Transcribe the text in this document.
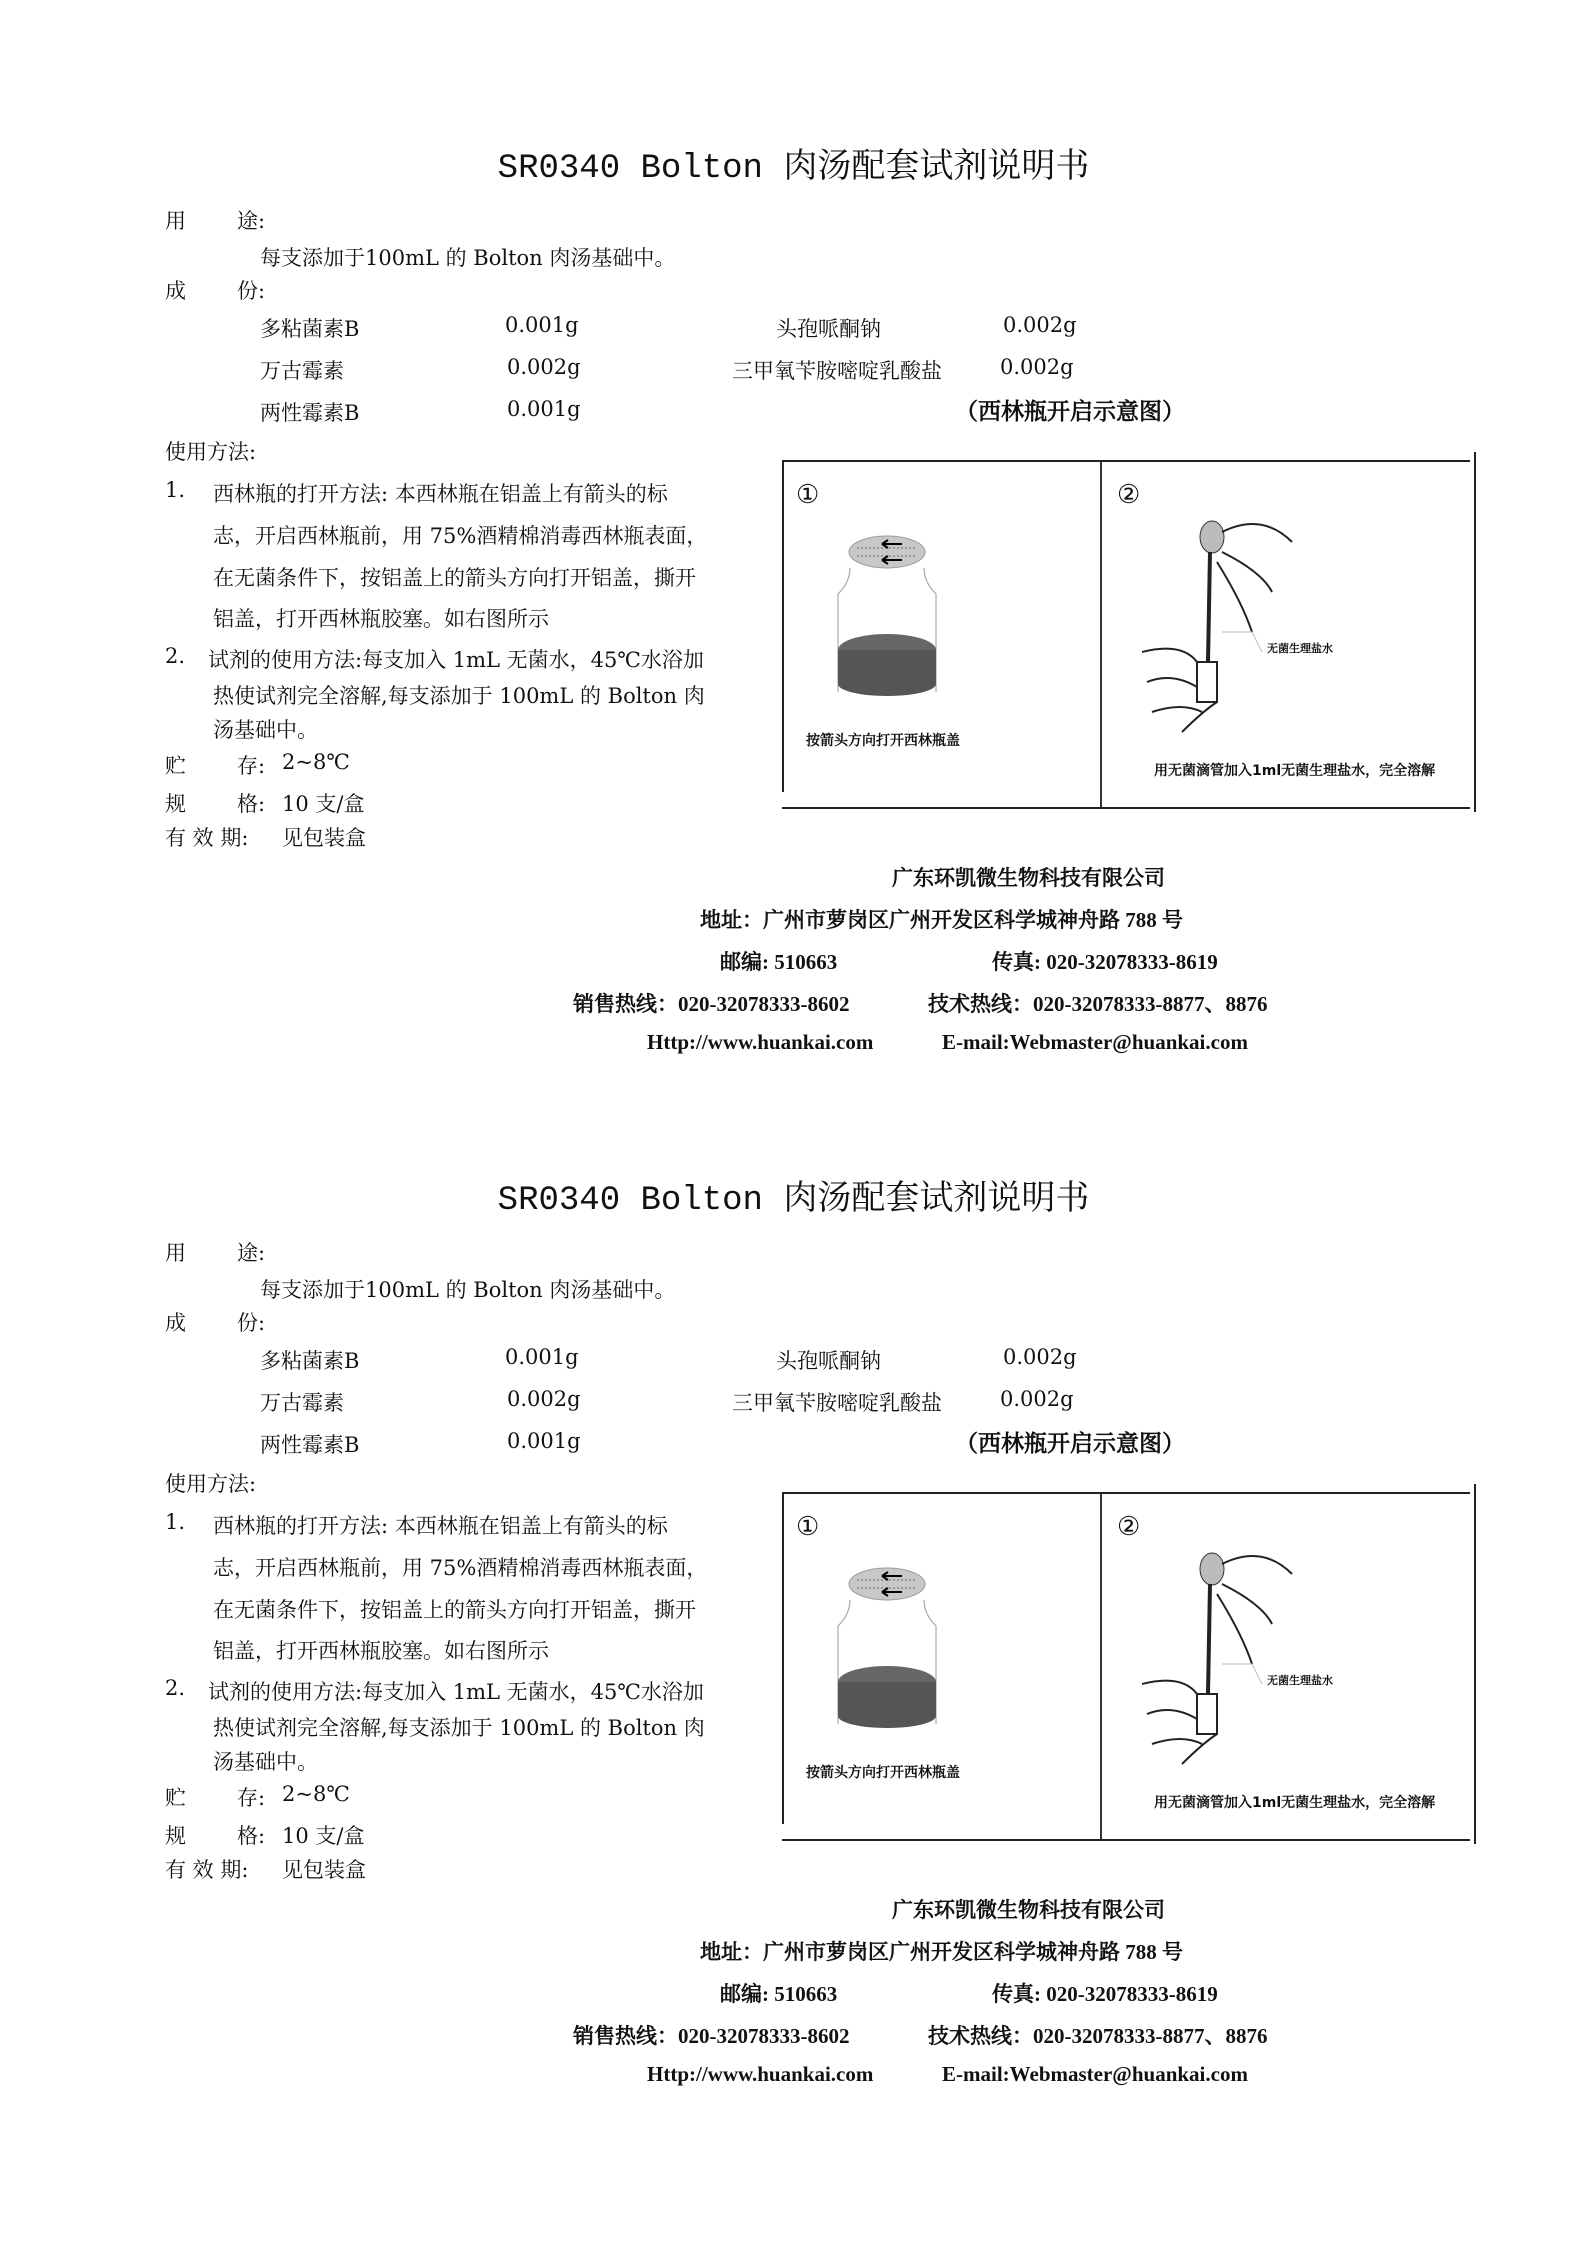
SR0340 Bolton 肉汤配套试剂说明书
用 途:
每支添加于100mL 的 Bolton 肉汤基础中。
成 份:
多粘菌素B	0.001g
万古霉素	0.002g
两性霉素B	0.001g
头孢哌酮钠	0.002g
三甲氧苄胺嘧啶乳酸盐	0.002g
（西林瓶开启示意图）
使用方法:
1. 西林瓶的打开方法: 本西林瓶在铝盖上有箭头的标
志，开启西林瓶前，用 75%酒精棉消毒西林瓶表面，
在无菌条件下，按铝盖上的箭头方向打开铝盖，撕开
铝盖，打开西林瓶胶塞。如右图所示
2. 试剂的使用方法:每支加入 1mL 无菌水，45℃水浴加
热使试剂完全溶解,每支添加于 100mL 的 Bolton 肉
汤基础中。
贮 存: 2~8℃
规 格: 10 支/盒
有 效 期: 见包装盒
①
按箭头方向打开西林瓶盖
②
无菌生理盐水
用无菌滴管加入1ml无菌生理盐水，完全溶解
广东环凯微生物科技有限公司
地址：广州市萝岗区广州开发区科学城神舟路 788 号
邮编: 510663	传真: 020-32078333-8619
销售热线：020-32078333-8602	技术热线：020-32078333-8877、8876
Http://www.huankai.com	E-mail:Webmaster@huankai.com
SR0340 Bolton 肉汤配套试剂说明书
用 途:
每支添加于100mL 的 Bolton 肉汤基础中。
成 份:
多粘菌素B	0.001g
万古霉素	0.002g
两性霉素B	0.001g
头孢哌酮钠	0.002g
三甲氧苄胺嘧啶乳酸盐	0.002g
（西林瓶开启示意图）
使用方法:
1. 西林瓶的打开方法: 本西林瓶在铝盖上有箭头的标
志，开启西林瓶前，用 75%酒精棉消毒西林瓶表面，
在无菌条件下，按铝盖上的箭头方向打开铝盖，撕开
铝盖，打开西林瓶胶塞。如右图所示
2. 试剂的使用方法:每支加入 1mL 无菌水，45℃水浴加
热使试剂完全溶解,每支添加于 100mL 的 Bolton 肉
汤基础中。
贮 存: 2~8℃
规 格: 10 支/盒
有 效 期: 见包装盒
①
按箭头方向打开西林瓶盖
②
无菌生理盐水
用无菌滴管加入1ml无菌生理盐水，完全溶解
广东环凯微生物科技有限公司
地址：广州市萝岗区广州开发区科学城神舟路 788 号
邮编: 510663	传真: 020-32078333-8619
销售热线：020-32078333-8602	技术热线：020-32078333-8877、8876
Http://www.huankai.com	E-mail:Webmaster@huankai.com
